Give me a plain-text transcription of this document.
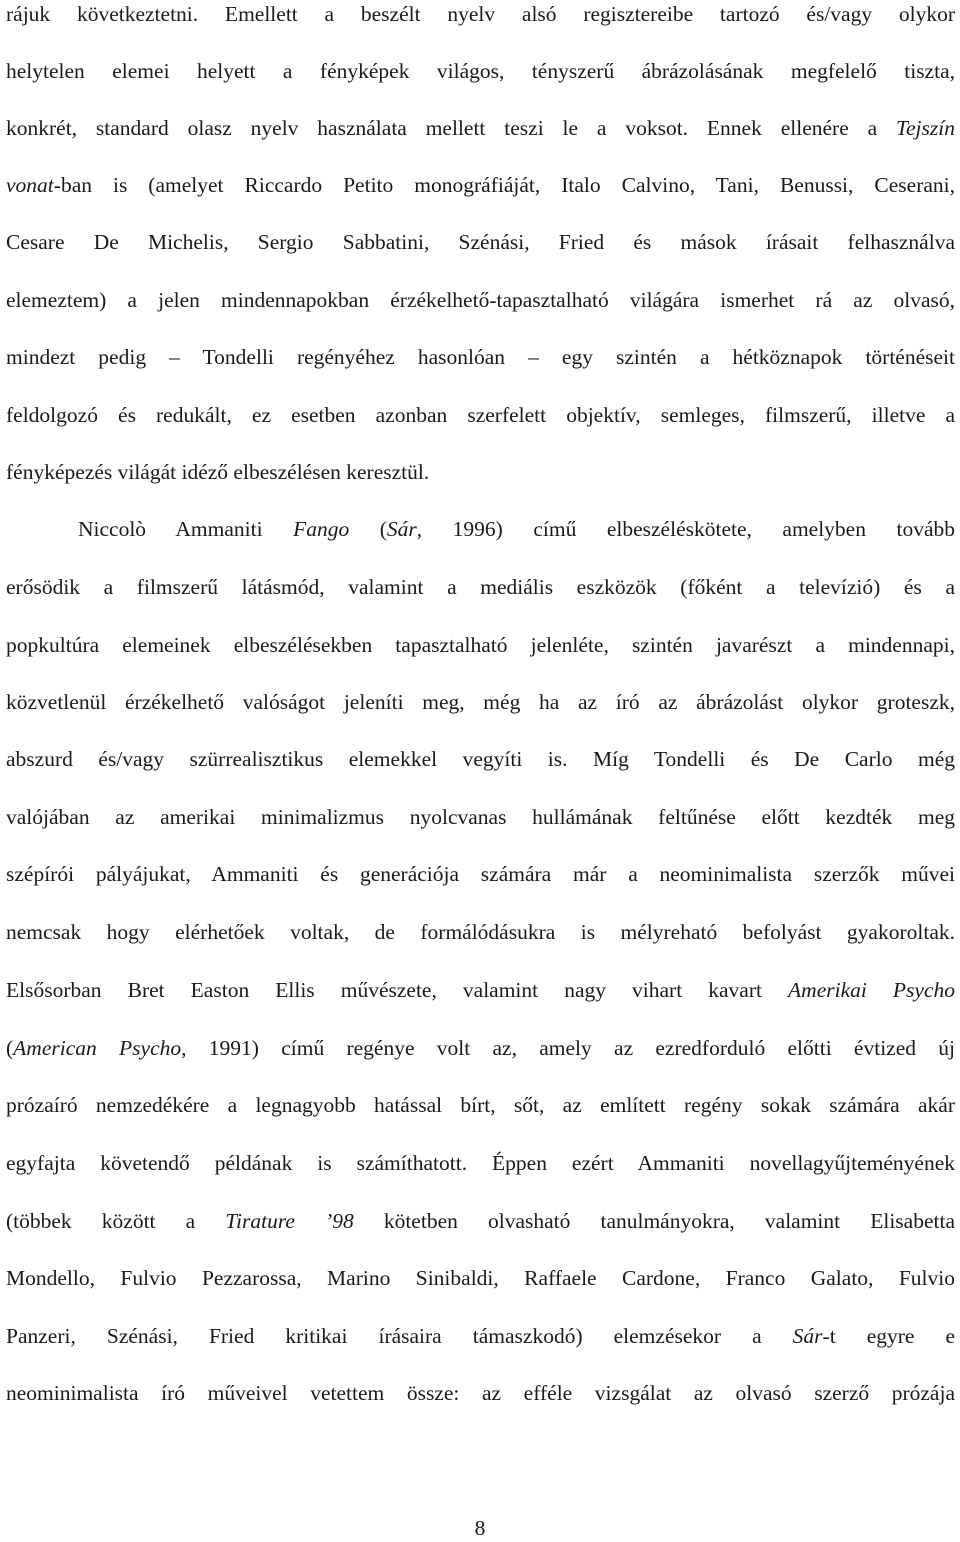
rájuk következtetni. Emellett a beszélt nyelv alsó regisztereibe tartozó és/vagy olykor
helytelen elemei helyett a fényképek világos, tényszerű ábrázolásának megfelelő tiszta,
konkrét, standard olasz nyelv használata mellett teszi le a voksot. Ennek ellenére a Tejszín
vonat-ban is (amelyet Riccardo Petito monográfiáját, Italo Calvino, Tani, Benussi, Ceserani,
Cesare De Michelis, Sergio Sabbatini, Szénási, Fried és mások írásait felhasználva
elemeztem) a jelen mindennapokban érzékelhető-tapasztalható világára ismerhet rá az olvasó,
mindezt pedig – Tondelli regényéhez hasonlóan – egy szintén a hétköznapok történéseit
feldolgozó és redukált, ez esetben azonban szerfelett objektív, semleges, filmszerű, illetve a
fényképezés világát idéző elbeszélésen keresztül.
Niccolò Ammaniti Fango (Sár, 1996) című elbeszéléskötete, amelyben tovább
erősödik a filmszerű látásmód, valamint a mediális eszközök (főként a televízió) és a
popkultúra elemeinek elbeszélésekben tapasztalható jelenléte, szintén javarészt a mindennapi,
közvetlenül érzékelhető valóságot jeleníti meg, még ha az író az ábrázolást olykor groteszk,
abszurd és/vagy szürrealisztikus elemekkel vegyíti is. Míg Tondelli és De Carlo még
valójában az amerikai minimalizmus nyolcvanas hullámának feltűnése előtt kezdték meg
szépírói pályájukat, Ammaniti és generációja számára már a neominimalista szerzők művei
nemcsak hogy elérhetőek voltak, de formálódásukra is mélyreható befolyást gyakoroltak.
Elsősorban Bret Easton Ellis művészete, valamint nagy vihart kavart Amerikai Psycho
(American Psycho, 1991) című regénye volt az, amely az ezredforduló előtti évtized új
prózaíró nemzedékére a legnagyobb hatással bírt, sőt, az említett regény sokak számára akár
egyfajta követendő példának is számíthatott. Éppen ezért Ammaniti novellagyűjteményének
(többek között a Tirature ’98 kötetben olvasható tanulmányokra, valamint Elisabetta
Mondello, Fulvio Pezzarossa, Marino Sinibaldi, Raffaele Cardone, Franco Galato, Fulvio
Panzeri, Szénási, Fried kritikai írásaira támaszkodó) elemzésekor a Sár-t egyre e
neominimalista író műveivel vetettem össze: az efféle vizsgálat az olvasó szerző prózája
8
